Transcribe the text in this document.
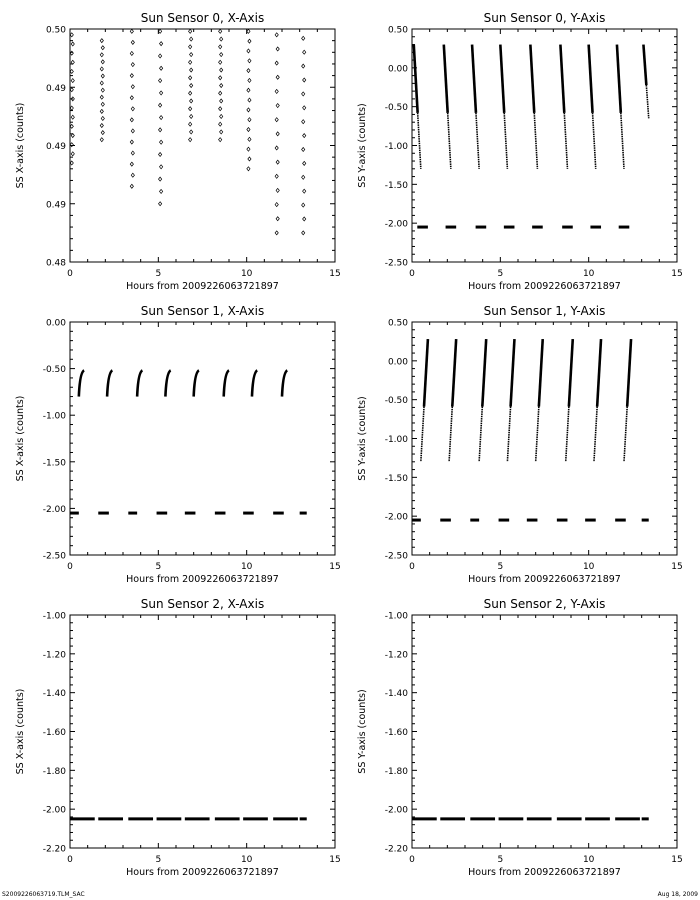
Sun Sensor 0, X-Axis
0	5	10	15
0.48
0.49
0.49
0.49
0.50
Hours from 2009226063721897
SS X-axis (counts)
Sun Sensor 0, Y-Axis
0	5	10	15
-2.50
-2.00
-1.50
-1.00
-0.50
0.00
0.50
Hours from 2009226063721897
SS Y-axis (counts)
Sun Sensor 1, X-Axis
0	5	10	15
-2.50
-2.00
-1.50
-1.00
-0.50
0.00
Hours from 2009226063721897
SS X-axis (counts)
Sun Sensor 1, Y-Axis
0	5	10	15
-2.50
-2.00
-1.50
-1.00
-0.50
0.00
0.50
Hours from 2009226063721897
SS Y-axis (counts)
Sun Sensor 2, X-Axis
0	5	10	15
-2.20
-2.00
-1.80
-1.60
-1.40
-1.20
-1.00
Hours from 2009226063721897
SS X-axis (counts)
Sun Sensor 2, Y-Axis
0	5	10	15
-2.20
-2.00
-1.80
-1.60
-1.40
-1.20
-1.00
Hours from 2009226063721897
SS Y-axis (counts)
S2009226063719.TLM_SAC	Aug 18, 2009
